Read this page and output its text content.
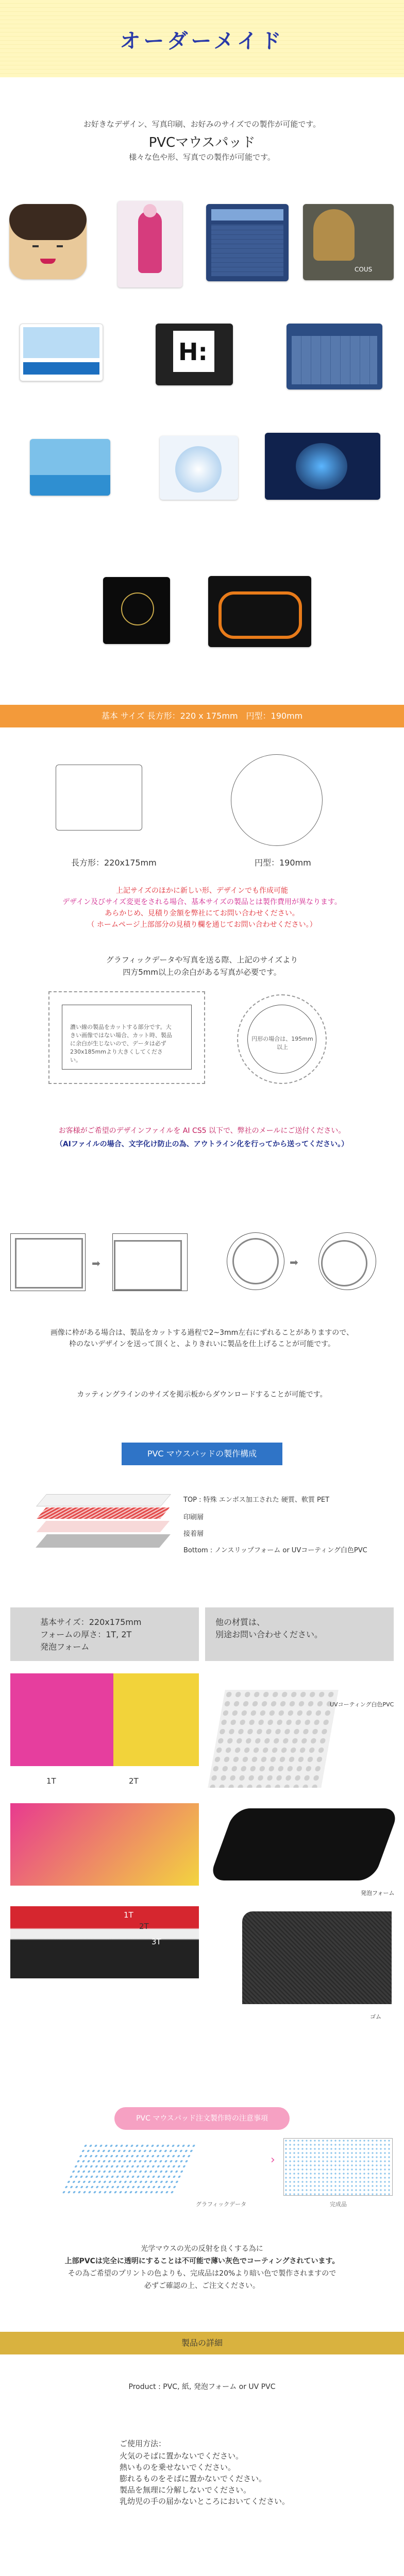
オーダーメイド
お好きなデザイン、写真印刷、お好みのサイズでの製作が可能です。
PVCマウスパッド
様々な色や形、写真での製作が可能です。
COUS
H:
基本 サイズ 長方形：220 x 175mm　円型：190mm
長方形：220x175mm	円型：190mm
上記サイズのほかに新しい形、デザインでも作成可能
デザイン及びサイズ変更をされる場合、基本サイズの製品とは製作費用が異なります。
あらかじめ、見積り金額を弊社にてお問い合わせください。
（ ホームページ上部部分の見積り欄を通じてお問い合わせください。）
グラフィックデータや写真を送る際、上記のサイズより
四方5mm以上の余白がある写真が必要です。
濃い線の製品をカットする部分です。大きい画像ではない場合、カット時、製品に余白が生じないので、データは必ず230x185mmより大きくしてください。
円形の場合は、195mm以上
お客様がご希望のデザインファイルを AI CS5 以下で、弊社のメールにご送付ください。
（AIファイルの場合、文字化け防止の為、アウトライン化を行ってから送ってください。）
➡	➡
画像に枠がある場合は、製品をカットする過程で2~3mm左右にずれることがありますので、
枠のないデザインを送って頂くと、よりきれいに製品を仕上げることが可能です。
カッティングラインのサイズを掲示板からダウンロードすることが可能です。
PVC マウスパッドの製作構成
TOP : 特殊 エンボス加工された 硬質、軟質 PET
印刷層
接着層
Bottom : ノンスリップフォーム or UVコーティング白色PVC
基本サイズ：220x175mm
フォームの厚さ：1T, 2T
発泡フォーム
他の材質は、
別途お問い合わせください。
1T	2T
1T
2T
3T
UVコーティング白色PVC
発泡フォーム
ゴム
PVC マウスパッド注文製作時の注意事項
›
グラフィックデータ	完成品
光学マウスの光の反射を良くする為に
上部PVCは完全に透明にすることは不可能で薄い灰色でコーティングされています。
その為ご希望のプリントの色よりも、完成品は20%より暗い色で製作されますので
必ずご確認の上、ご注文ください。
製品の詳細
Product : PVC, 紙, 発泡フォーム or UV PVC
ご使用方法：
火気のそばに置かないでください。
熱いものを乗せないでください。
膨れるものをそばに置かないでください。
製品を無理に分解しないでください。
乳幼児の手の届かないところにおいてください。
